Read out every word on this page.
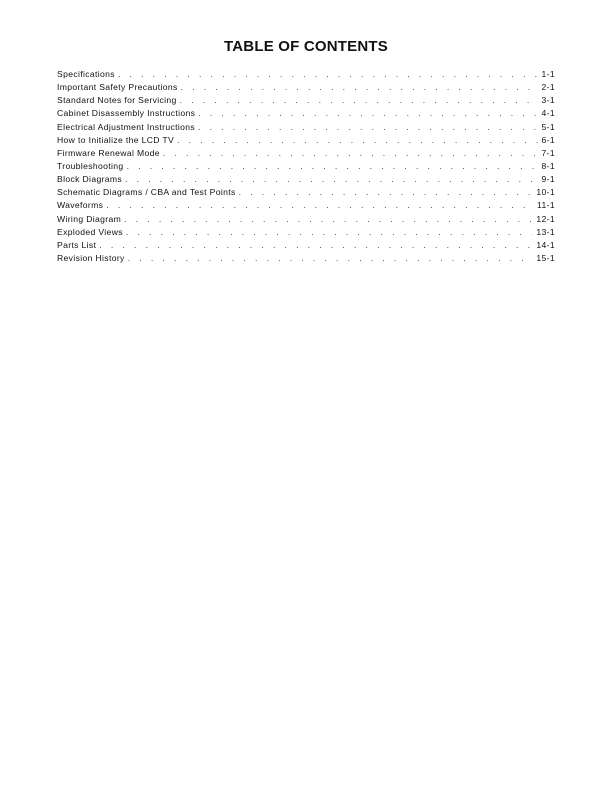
TABLE OF CONTENTS
Specifications . . .	1-1
Important Safety Precautions . . .	2-1
Standard Notes for Servicing . . .	3-1
Cabinet Disassembly Instructions . . .	4-1
Electrical Adjustment Instructions . . .	5-1
How to Initialize the LCD TV . . .	6-1
Firmware Renewal Mode . . .	7-1
Troubleshooting . . .	8-1
Block Diagrams . . .	9-1
Schematic Diagrams / CBA and Test Points . . .	10-1
Waveforms . . .	11-1
Wiring Diagram . . .	12-1
Exploded Views . . .	13-1
Parts List . . .	14-1
Revision History . . .	15-1
